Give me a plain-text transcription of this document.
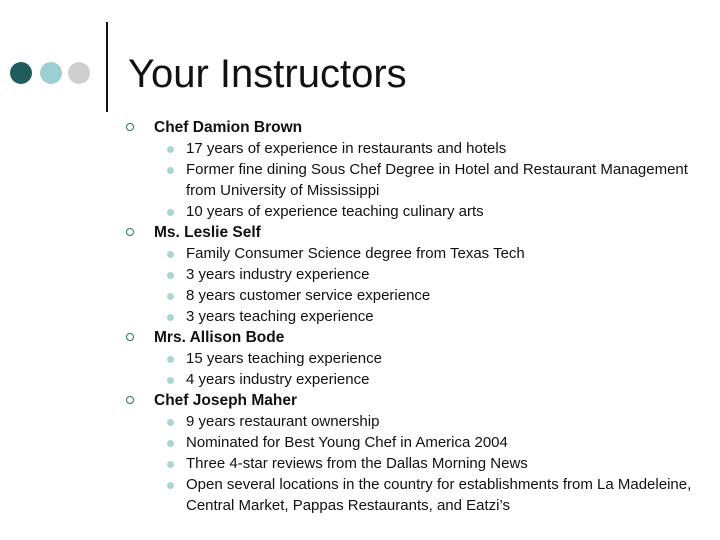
Your Instructors
Chef Damion Brown
17 years of experience in restaurants and hotels
Former fine dining Sous Chef Degree in Hotel and Restaurant Management from University of Mississippi
10 years of experience teaching culinary arts
Ms. Leslie Self
Family Consumer Science degree from Texas Tech
3 years industry experience
8 years customer service experience
3 years teaching experience
Mrs. Allison Bode
15 years teaching experience
4 years industry experience
Chef Joseph Maher
9 years restaurant ownership
Nominated for Best Young Chef in America 2004
Three 4-star reviews from the Dallas Morning News
Open several locations in the country for establishments from La Madeleine, Central Market, Pappas Restaurants, and Eatzi’s
